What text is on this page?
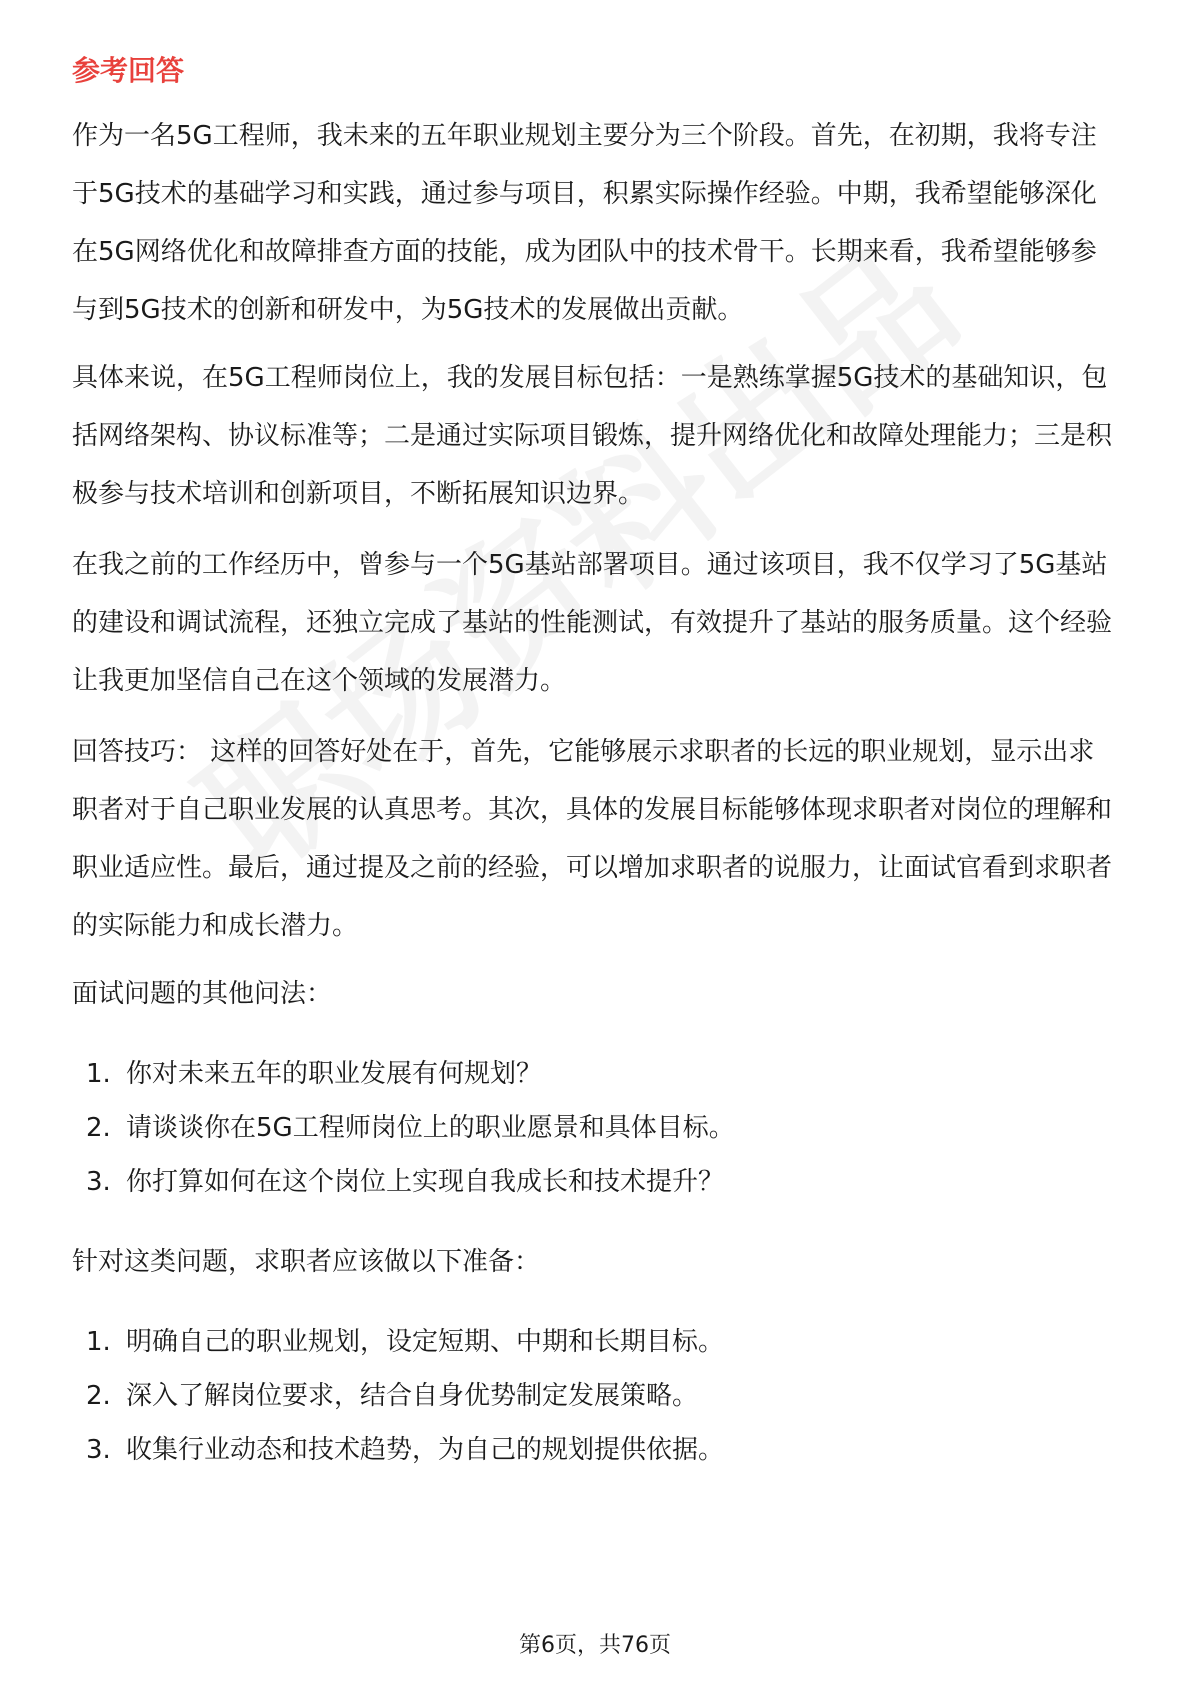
参考回答

作为一名5G工程师，我未来的五年职业规划主要分为三个阶段。首先，在初期，我将专注于5G技术的基础学习和实践，通过参与项目，积累实际操作经验。中期，我希望能够深化在5G网络优化和故障排查方面的技能，成为团队中的技术骨干。长期来看，我希望能够参与到5G技术的创新和研发中，为5G技术的发展做出贡献。

具体来说，在5G工程师岗位上，我的发展目标包括：一是熟练掌握5G技术的基础知识，包括网络架构、协议标准等；二是通过实际项目锻炼，提升网络优化和故障处理能力；三是积极参与技术培训和创新项目，不断拓展知识边界。

在我之前的工作经历中，曾参与一个5G基站部署项目。通过该项目，我不仅学习了5G基站的建设和调试流程，还独立完成了基站的性能测试，有效提升了基站的服务质量。这个经验让我更加坚信自己在这个领域的发展潜力。

回答技巧： 这样的回答好处在于，首先，它能够展示求职者的长远的职业规划，显示出求职者对于自己职业发展的认真思考。其次，具体的发展目标能够体现求职者对岗位的理解和职业适应性。最后，通过提及之前的经验，可以增加求职者的说服力，让面试官看到求职者的实际能力和成长潜力。

面试问题的其他问法：

1. 你对未来五年的职业发展有何规划？

2. 请谈谈你在5G工程师岗位上的职业愿景和具体目标。

3. 你打算如何在这个岗位上实现自我成长和技术提升？

针对这类问题，求职者应该做以下准备：

1. 明确自己的职业规划，设定短期、中期和长期目标。

2. 深入了解岗位要求，结合自身优势制定发展策略。

3. 收集行业动态和技术趋势，为自己的规划提供依据。

第6页，共76页
